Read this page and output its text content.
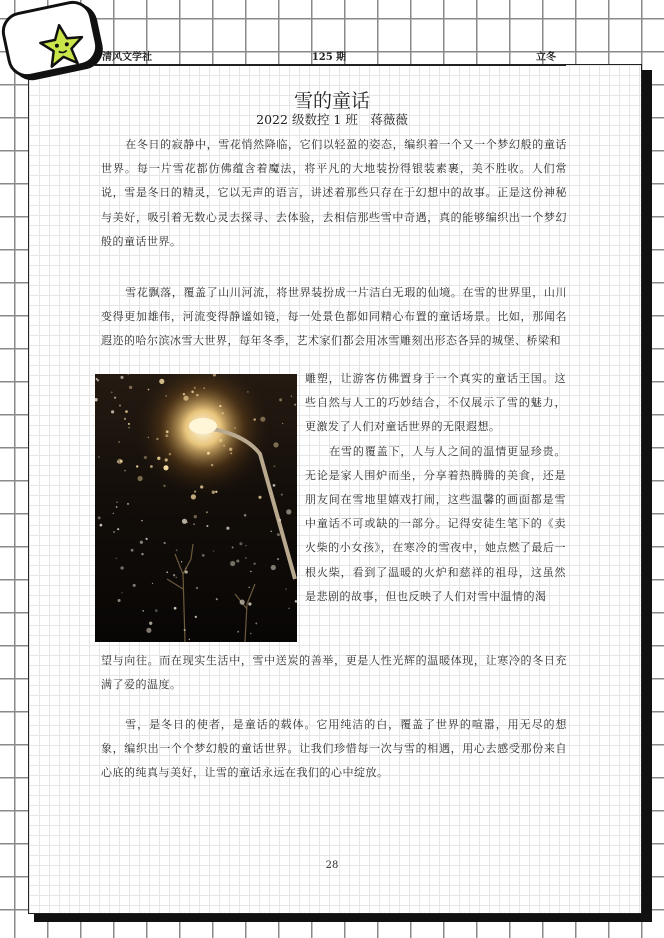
清风文学社	125 期	立冬
雪的童话
2022 级数控 1 班　蒋薇薇

在冬日的寂静中，雪花悄然降临，它们以轻盈的姿态，编织着一个又一个梦幻般的童话世界。每一片雪花都仿佛蕴含着魔法，将平凡的大地装扮得银装素裹，美不胜收。人们常说，雪是冬日的精灵，它以无声的语言，讲述着那些只存在于幻想中的故事。正是这份神秘与美好，吸引着无数心灵去探寻、去体验，去相信那些雪中奇遇，真的能够编织出一个梦幻般的童话世界。

雪花飘落，覆盖了山川河流，将世界装扮成一片洁白无瑕的仙境。在雪的世界里，山川变得更加雄伟，河流变得静谧如镜，每一处景色都如同精心布置的童话场景。比如，那闻名遐迩的哈尔滨冰雪大世界，每年冬季，艺术家们都会用冰雪雕刻出形态各异的城堡、桥梁和

雕塑，让游客仿佛置身于一个真实的童话王国。这些自然与人工的巧妙结合，不仅展示了雪的魅力，更激发了人们对童话世界的无限遐想。

在雪的覆盖下，人与人之间的温情更显珍贵。无论是家人围炉而坐，分享着热腾腾的美食，还是朋友间在雪地里嬉戏打闹，这些温馨的画面都是雪中童话不可或缺的一部分。记得安徒生笔下的《卖火柴的小女孩》，在寒冷的雪夜中，她点燃了最后一根火柴，看到了温暖的火炉和慈祥的祖母，这虽然是悲剧的故事，但也反映了人们对雪中温情的渴

望与向往。而在现实生活中，雪中送炭的善举，更是人性光辉的温暖体现，让寒冷的冬日充满了爱的温度。

雪，是冬日的使者，是童话的载体。它用纯洁的白，覆盖了世界的喧嚣，用无尽的想象，编织出一个个梦幻般的童话世界。让我们珍惜每一次与雪的相遇，用心去感受那份来自心底的纯真与美好，让雪的童话永远在我们的心中绽放。

28
